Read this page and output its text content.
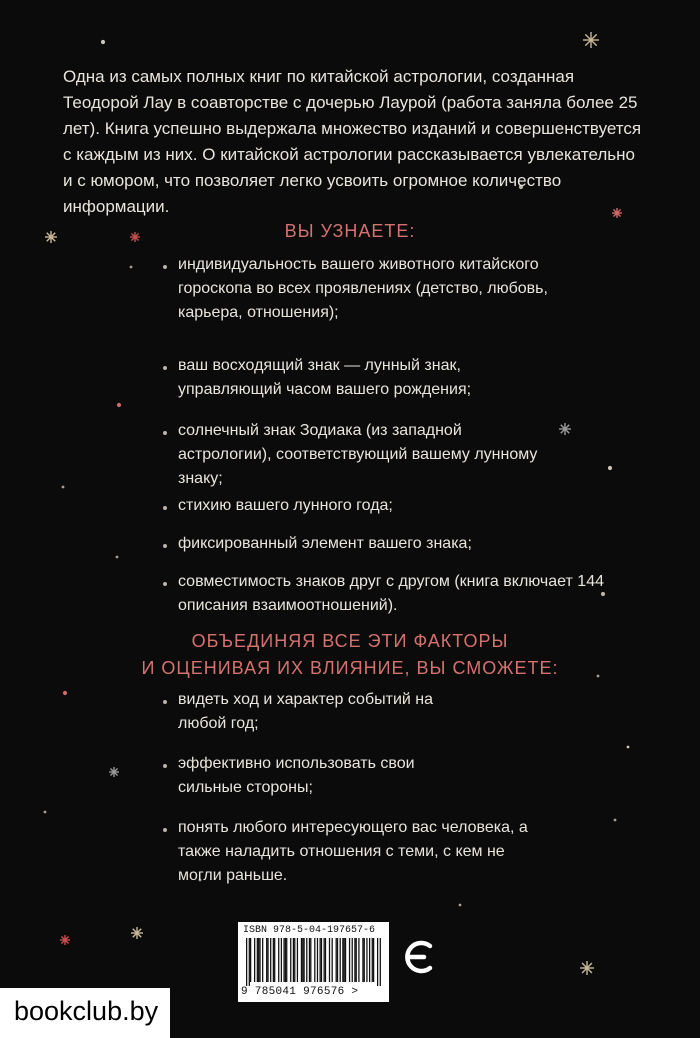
Одна из самых полных книг по китайской астрологии, созданная Теодорой Лау в соавторстве с дочерью Лаурой (работа заняла более 25 лет). Книга успешно выдержала множество изданий и совершенствуется с каждым из них. О китайской астрологии рассказывается увлекательно и с юмором, что позволяет легко усвоить огромное количество информации.
ВЫ УЗНАЕТЕ:
индивидуальность вашего животного китайского гороскопа во всех проявлениях (детство, любовь, карьера, отношения);
ваш восходящий знак — лунный знак, управляющий часом вашего рождения;
солнечный знак Зодиака (из западной астрологии), соответствующий вашему лунному знаку;
стихию вашего лунного года;
фиксированный элемент вашего знака;
совместимость знаков друг с другом (книга включает 144 описания взаимоотношений).
ОБЪЕДИНЯЯ ВСЕ ЭТИ ФАКТОРЫ
И ОЦЕНИВАЯ ИХ ВЛИЯНИЕ, ВЫ СМОЖЕТЕ:
видеть ход и характер событий на любой год;
эффективно использовать свои сильные стороны;
понять любого интересующего вас человека, а также наладить отношения с теми, с кем не могли раньше.
ISBN 978-5-04-197657-6
9 785041 976576 >
bookclub.by
